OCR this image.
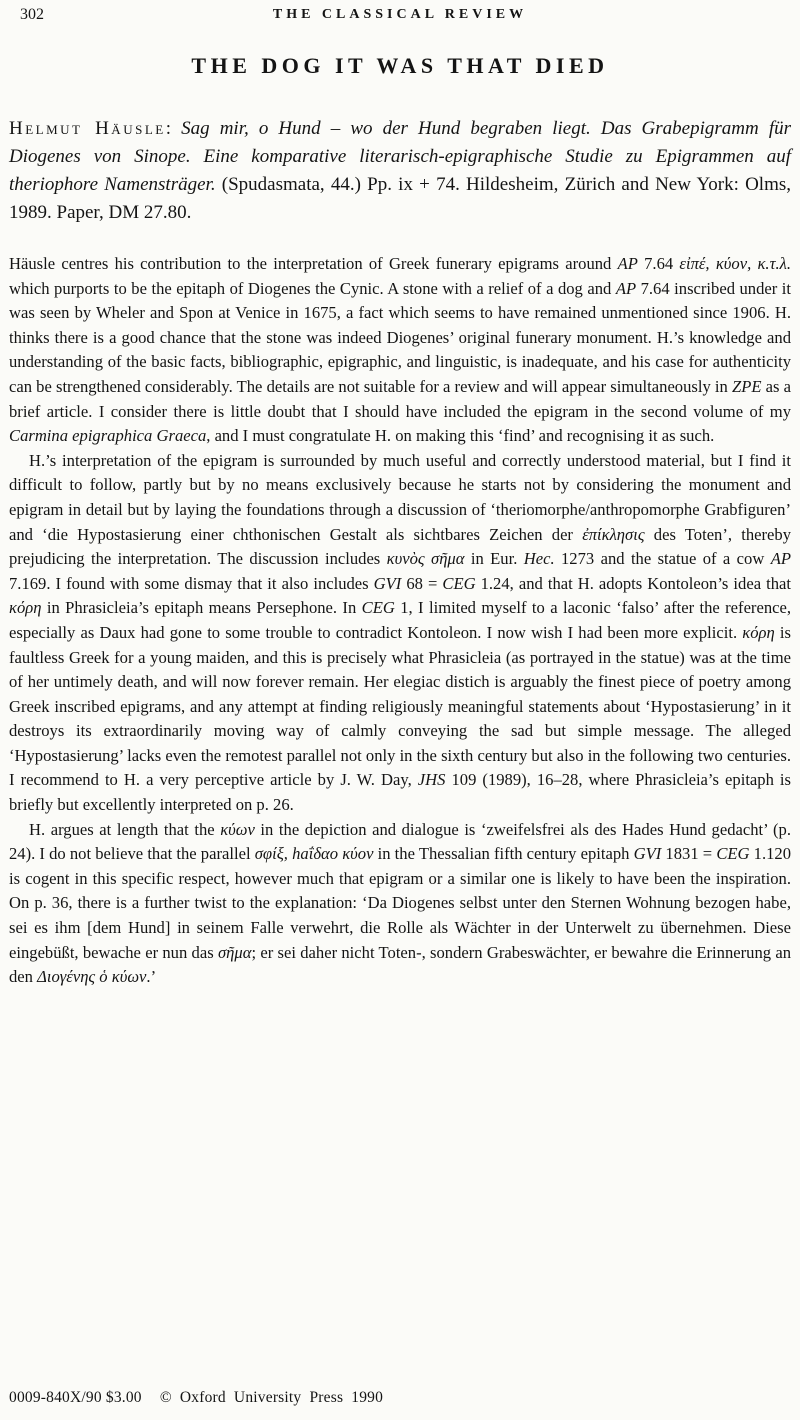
302	THE CLASSICAL REVIEW
THE DOG IT WAS THAT DIED

Helmut Häusle: Sag mir, o Hund – wo der Hund begraben liegt. Das Grabepigramm für Diogenes von Sinope. Eine komparative literarisch-epigraphische Studie zu Epigrammen auf theriophore Namensträger. (Spudasmata, 44.) Pp. ix + 74. Hildesheim, Zürich and New York: Olms, 1989. Paper, DM 27.80.

Häusle centres his contribution to the interpretation of Greek funerary epigrams around AP 7.64 εἰπέ, κύον, κ.τ.λ. which purports to be the epitaph of Diogenes the Cynic. A stone with a relief of a dog and AP 7.64 inscribed under it was seen by Wheler and Spon at Venice in 1675, a fact which seems to have remained unmentioned since 1906. H. thinks there is a good chance that the stone was indeed Diogenes’ original funerary monument. H.’s knowledge and understanding of the basic facts, bibliographic, epigraphic, and linguistic, is inadequate, and his case for authenticity can be strengthened considerably. The details are not suitable for a review and will appear simultaneously in ZPE as a brief article. I consider there is little doubt that I should have included the epigram in the second volume of my Carmina epigraphica Graeca, and I must congratulate H. on making this ‘find’ and recognising it as such.

H.’s interpretation of the epigram is surrounded by much useful and correctly understood material, but I find it difficult to follow, partly but by no means exclusively because he starts not by considering the monument and epigram in detail but by laying the foundations through a discussion of ‘theriomorphe/anthropomorphe Grabfiguren’ and ‘die Hypostasierung einer chthonischen Gestalt als sichtbares Zeichen der ἐπίκλησις des Toten’, thereby prejudicing the interpretation. The discussion includes κυνὸς σῆμα in Eur. Hec. 1273 and the statue of a cow AP 7.169. I found with some dismay that it also includes GVI 68 = CEG 1.24, and that H. adopts Kontoleon’s idea that κόρη in Phrasicleia’s epitaph means Persephone. In CEG 1, I limited myself to a laconic ‘falso’ after the reference, especially as Daux had gone to some trouble to contradict Kontoleon. I now wish I had been more explicit. κόρη is faultless Greek for a young maiden, and this is precisely what Phrasicleia (as portrayed in the statue) was at the time of her untimely death, and will now forever remain. Her elegiac distich is arguably the finest piece of poetry among Greek inscribed epigrams, and any attempt at finding religiously meaningful statements about ‘Hypostasierung’ in it destroys its extraordinarily moving way of calmly conveying the sad but simple message. The alleged ‘Hypostasierung’ lacks even the remotest parallel not only in the sixth century but also in the following two centuries. I recommend to H. a very perceptive article by J. W. Day, JHS 109 (1989), 16–28, where Phrasicleia’s epitaph is briefly but excellently interpreted on p. 26.

H. argues at length that the κύων in the depiction and dialogue is ‘zweifelsfrei als des Hades Hund gedacht’ (p. 24). I do not believe that the parallel σφίξ, haΐδαο κύον in the Thessalian fifth century epitaph GVI 1831 = CEG 1.120 is cogent in this specific respect, however much that epigram or a similar one is likely to have been the inspiration. On p. 36, there is a further twist to the explanation: ‘Da Diogenes selbst unter den Sternen Wohnung bezogen habe, sei es ihm [dem Hund] in seinem Falle verwehrt, die Rolle als Wächter in der Unterwelt zu übernehmen. Diese eingebüßt, bewache er nun das σῆμα; er sei daher nicht Toten-, sondern Grabeswächter, er bewahre die Erinnerung an den Διογένης ὁ κύων.’

0009-840X/90 $3.00 © Oxford University Press 1990
